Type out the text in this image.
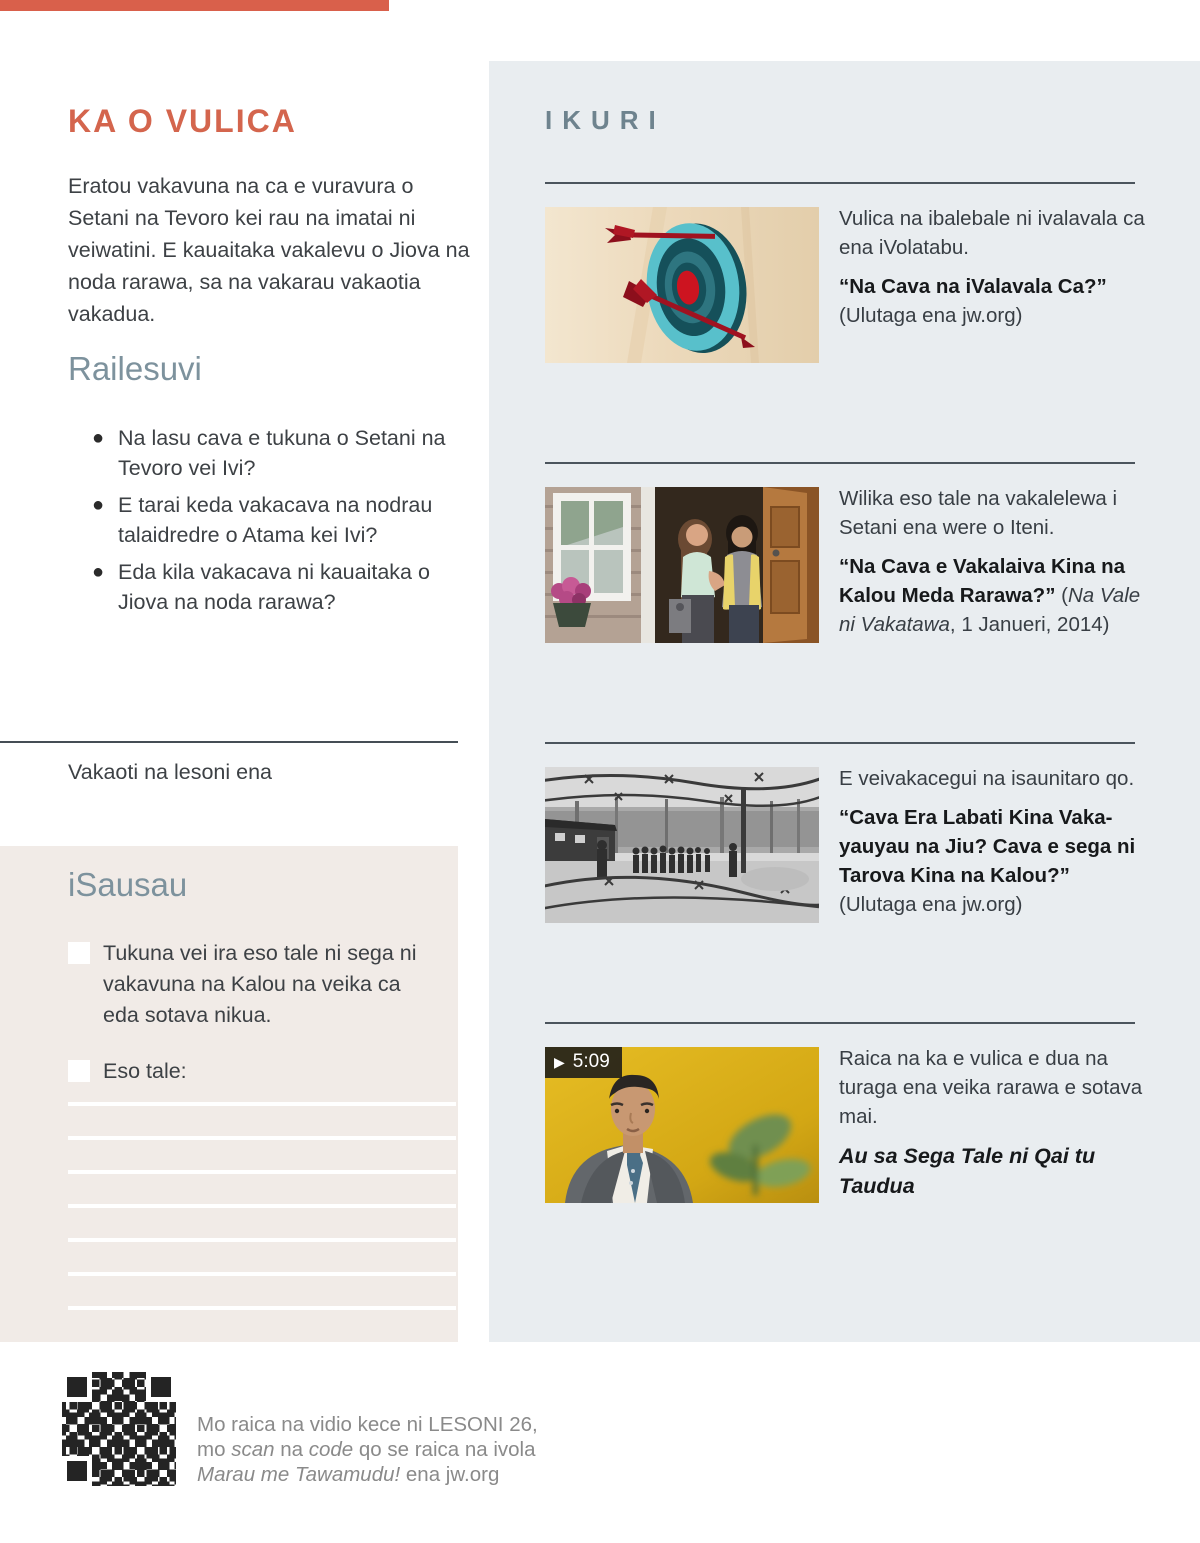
KA O VULICA
Eratou vakavuna na ca e vuravura o Setani na Tevoro kei rau na imatai ni veiwatini. E kauaitaka vakalevu o Jiova na noda rarawa, sa na vakarau vakaotia vakadua.
Railesuvi
● Na lasu cava e tukuna o Setani na Tevoro vei Ivi?
● E tarai keda vakacava na nodrau talaidredre o Atama kei Ivi?
● Eda kila vakacava ni kauaitaka o Jiova na noda rarawa?
Vakaoti na lesoni ena
iSausau
Tukuna vei ira eso tale ni sega ni vakavuna na Kalou na veika ca eda sotava nikua.
Eso tale:
IKURI

Vulica na ibalebale ni ivalavala ca ena iVolatabu.

“Na Cava na iValavala Ca?”

(Ulutaga ena jw.org)

Wilika eso tale na vakalelewa i Setani ena were o Iteni.

“Na Cava e Vakalaiva Kina na Kalou Meda Rarawa?” (Na Vale ni Vakatawa, 1 Janueri, 2014)

E veivakacegui na isaunitaro qo.

“Cava Era Labati Kina Vaka-yauyau na Jiu? Cava e sega ni Tarova Kina na Kalou?”

(Ulutaga ena jw.org)

▶ 5:09	Raica na ka e vulica e dua na turaga ena veika rarawa e sotava mai.

Au sa Sega Tale ni Qai tu Taudua

Mo raica na vidio kece ni LESONI 26,
mo scan na code qo se raica na ivola
Marau me Tawamudu! ena jw.org
